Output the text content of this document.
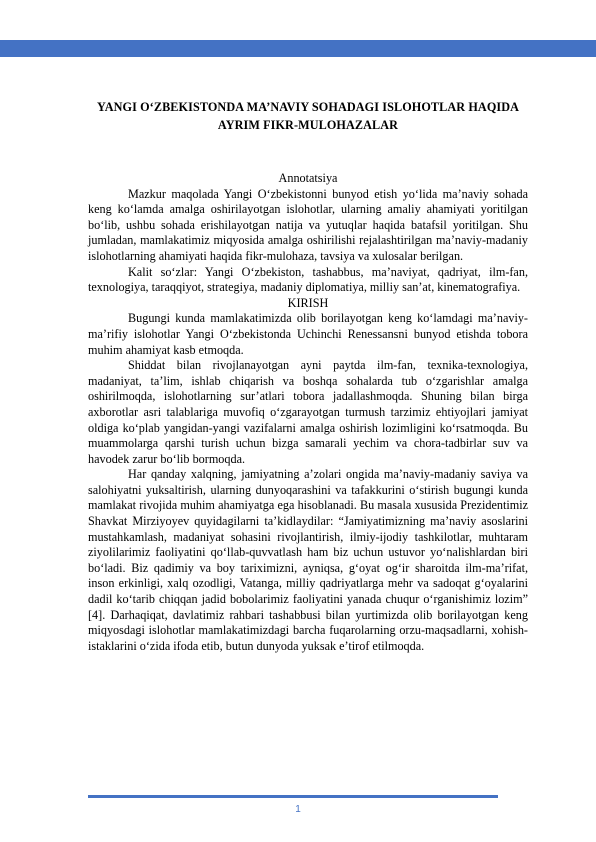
YANGI O‘ZBEKISTONDA MA’NAVIY SOHADAGI ISLOHOTLAR HAQIDA AYRIM FIKR-MULOHAZALAR

Annotatsiya

Mazkur maqolada Yangi O‘zbekistonni bunyod etish yo‘lida ma’naviy sohada keng ko‘lamda amalga oshirilayotgan islohotlar, ularning amaliy ahamiyati yoritilgan bo‘lib, ushbu sohada erishilayotgan natija va yutuqlar haqida batafsil yoritilgan. Shu jumladan, mamlakatimiz miqyosida amalga oshirilishi rejalashtirilgan ma’naviy-madaniy islohotlarning ahamiyati haqida fikr-mulohaza, tavsiya va xulosalar berilgan.

Kalit so‘zlar: Yangi O‘zbekiston, tashabbus, ma’naviyat, qadriyat, ilm-fan, texnologiya, taraqqiyot, strategiya, madaniy diplomatiya, milliy san’at, kinematografiya.

KIRISH

Bugungi kunda mamlakatimizda olib borilayotgan keng ko‘lamdagi ma’naviy-ma’rifiy islohotlar Yangi O‘zbekistonda Uchinchi Renessansni bunyod etishda tobora muhim ahamiyat kasb etmoqda.

Shiddat bilan rivojlanayotgan ayni paytda ilm-fan, texnika-texnologiya, madaniyat, ta’lim, ishlab chiqarish va boshqa sohalarda tub o‘zgarishlar amalga oshirilmoqda, islohotlarning sur’atlari tobora jadallashmoqda. Shuning bilan birga axborotlar asri talablariga muvofiq o‘zgarayotgan turmush tarzimiz ehtiyojlari jamiyat oldiga ko‘plab yangidan-yangi vazifalarni amalga oshirish lozimligini ko‘rsatmoqda. Bu muammolarga qarshi turish uchun bizga samarali yechim va chora-tadbirlar suv va havodek zarur bo‘lib bormoqda.

Har qanday xalqning, jamiyatning a’zolari ongida ma’naviy-madaniy saviya va salohiyatni yuksaltirish, ularning dunyoqarashini va tafakkurini o‘stirish bugungi kunda mamlakat rivojida muhim ahamiyatga ega hisoblanadi. Bu masala xususida Prezidentimiz Shavkat Mirziyoyev quyidagilarni ta’kidlaydilar: “Jamiyatimizning ma’naviy asoslarini mustahkamlash, madaniyat sohasini rivojlantirish, ilmiy-ijodiy tashkilotlar, muhtaram ziyolilarimiz faoliyatini qo‘llab-quvvatlash ham biz uchun ustuvor yo‘nalishlardan biri bo‘ladi. Biz qadimiy va boy tariximizni, ayniqsa, g‘oyat og‘ir sharoitda ilm-ma’rifat, inson erkinligi, xalq ozodligi, Vatanga, milliy qadriyatlarga mehr va sadoqat g‘oyalarini dadil ko‘tarib chiqqan jadid bobolarimiz faoliyatini yanada chuqur o‘rganishimiz lozim” [4]. Darhaqiqat, davlatimiz rahbari tashabbusi bilan yurtimizda olib borilayotgan keng miqyosdagi islohotlar mamlakatimizdagi barcha fuqarolarning orzu-maqsadlarni, xohish-istaklarini o‘zida ifoda etib, butun dunyoda yuksak e’tirof etilmoqda.

1
